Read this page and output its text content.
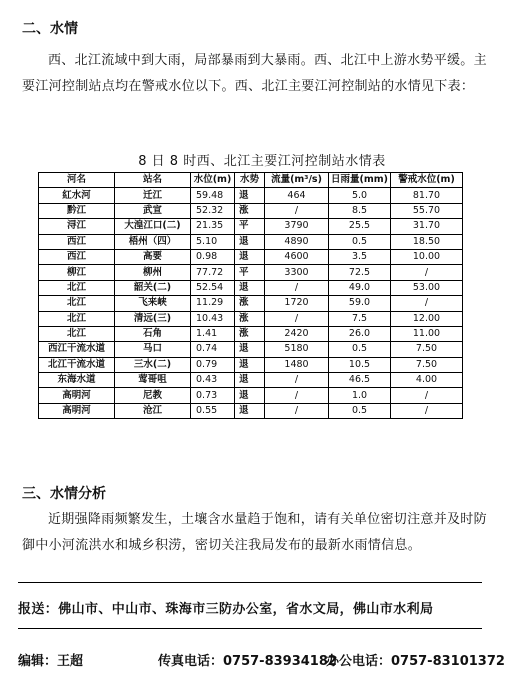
二、水情
西、北江流域中到大雨，局部暴雨到大暴雨。西、北江中上游水势平缓。主要江河控制站点均在警戒水位以下。西、北江主要江河控制站的水情见下表：
8 日 8 时西、北江主要江河控制站水情表
河名	站名	水位(m)	水势	流量(m³/s)	日雨量(mm)	警戒水位(m)
紅水河	迁江	59.48	退	464	5.0	81.70
黔江	武宣	52.32	涨	/	8.5	55.70
浔江	大湟江口(二)	21.35	平	3790	25.5	31.70
西江	梧州（四）	5.10	退	4890	0.5	18.50
西江	高要	0.98	退	4600	3.5	10.00
柳江	柳州	77.72	平	3300	72.5	/
北江	韶关(二)	52.54	退	/	49.0	53.00
北江	飞来峡	11.29	涨	1720	59.0	/
北江	清远(三)	10.43	涨	/	7.5	12.00
北江	石角	1.41	涨	2420	26.0	11.00
西江干流水道	马口	0.74	退	5180	0.5	7.50
北江干流水道	三水(二)	0.79	退	1480	10.5	7.50
东海水道	莺哥咀	0.43	退	/	46.5	4.00
高明河	尼教	0.73	退	/	1.0	/
高明河	沧江	0.55	退	/	0.5	/
三、水情分析
近期强降雨频繁发生，土壤含水量趋于饱和，请有关单位密切注意并及时防御中小河流洪水和城乡积涝，密切关注我局发布的最新水雨情信息。
报送：佛山市、中山市、珠海市三防办公室，省水文局，佛山市水利局
编辑：王超	传真电话：0757-83934182
办公电话：0757-83101372
